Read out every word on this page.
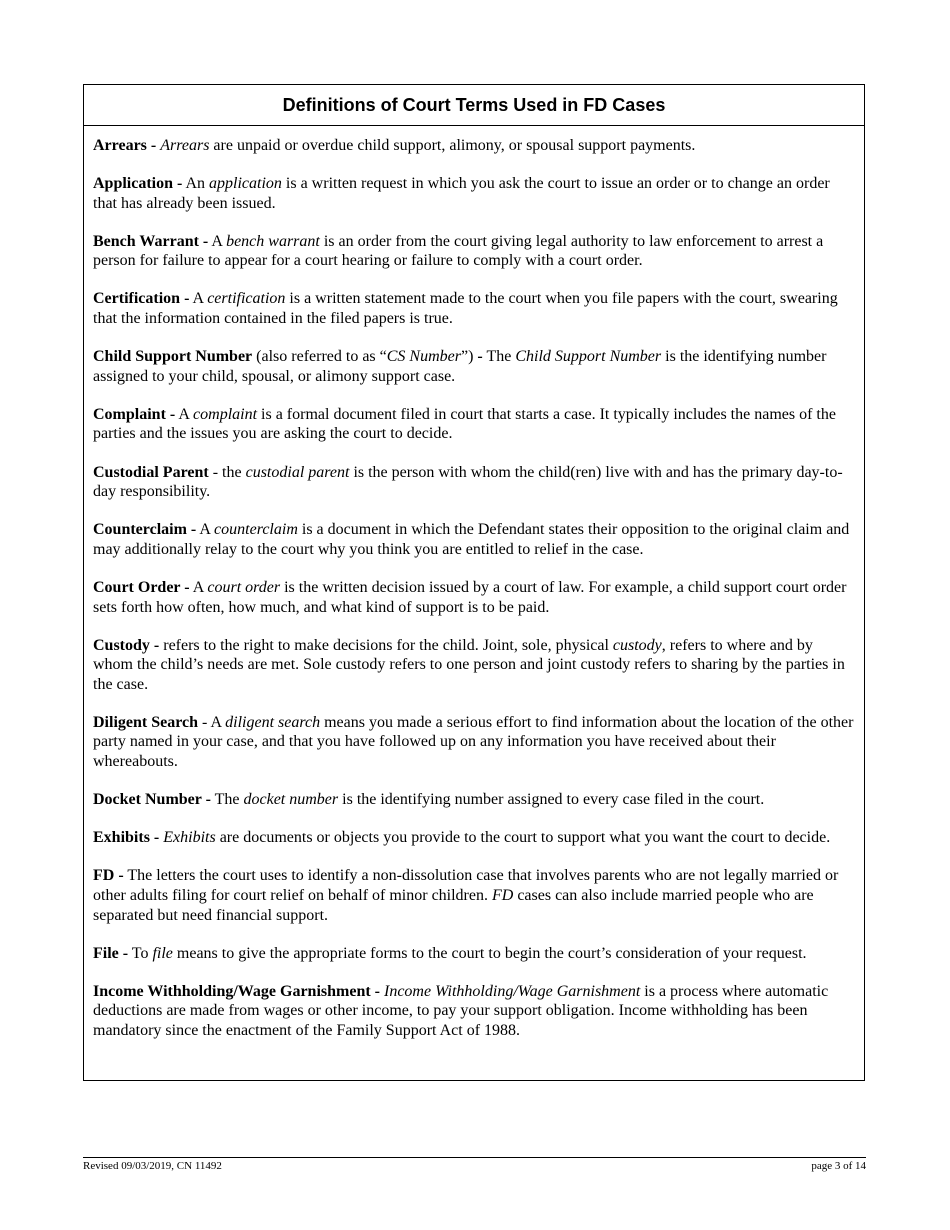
Definitions of Court Terms Used in FD Cases

Arrears - Arrears are unpaid or overdue child support, alimony, or spousal support payments.

Application - An application is a written request in which you ask the court to issue an order or to change an order that has already been issued.

Bench Warrant - A bench warrant is an order from the court giving legal authority to law enforcement to arrest a person for failure to appear for a court hearing or failure to comply with a court order.

Certification - A certification is a written statement made to the court when you file papers with the court, swearing that the information contained in the filed papers is true.

Child Support Number (also referred to as “CS Number”) - The Child Support Number is the identifying number assigned to your child, spousal, or alimony support case.

Complaint - A complaint is a formal document filed in court that starts a case. It typically includes the names of the parties and the issues you are asking the court to decide.

Custodial Parent - the custodial parent is the person with whom the child(ren) live with and has the primary day-to-day responsibility.

Counterclaim - A counterclaim is a document in which the Defendant states their opposition to the original claim and may additionally relay to the court why you think you are entitled to relief in the case.

Court Order - A court order is the written decision issued by a court of law. For example, a child support court order sets forth how often, how much, and what kind of support is to be paid.

Custody - refers to the right to make decisions for the child. Joint, sole, physical custody, refers to where and by whom the child’s needs are met. Sole custody refers to one person and joint custody refers to sharing by the parties in the case.

Diligent Search - A diligent search means you made a serious effort to find information about the location of the other party named in your case, and that you have followed up on any information you have received about their whereabouts.

Docket Number - The docket number is the identifying number assigned to every case filed in the court.

Exhibits - Exhibits are documents or objects you provide to the court to support what you want the court to decide.

FD - The letters the court uses to identify a non-dissolution case that involves parents who are not legally married or other adults filing for court relief on behalf of minor children. FD cases can also include married people who are separated but need financial support.

File - To file means to give the appropriate forms to the court to begin the court’s consideration of your request.

Income Withholding/Wage Garnishment - Income Withholding/Wage Garnishment is a process where automatic deductions are made from wages or other income, to pay your support obligation. Income withholding has been mandatory since the enactment of the Family Support Act of 1988.

Revised 09/03/2019, CN 11492	page 3 of 14
